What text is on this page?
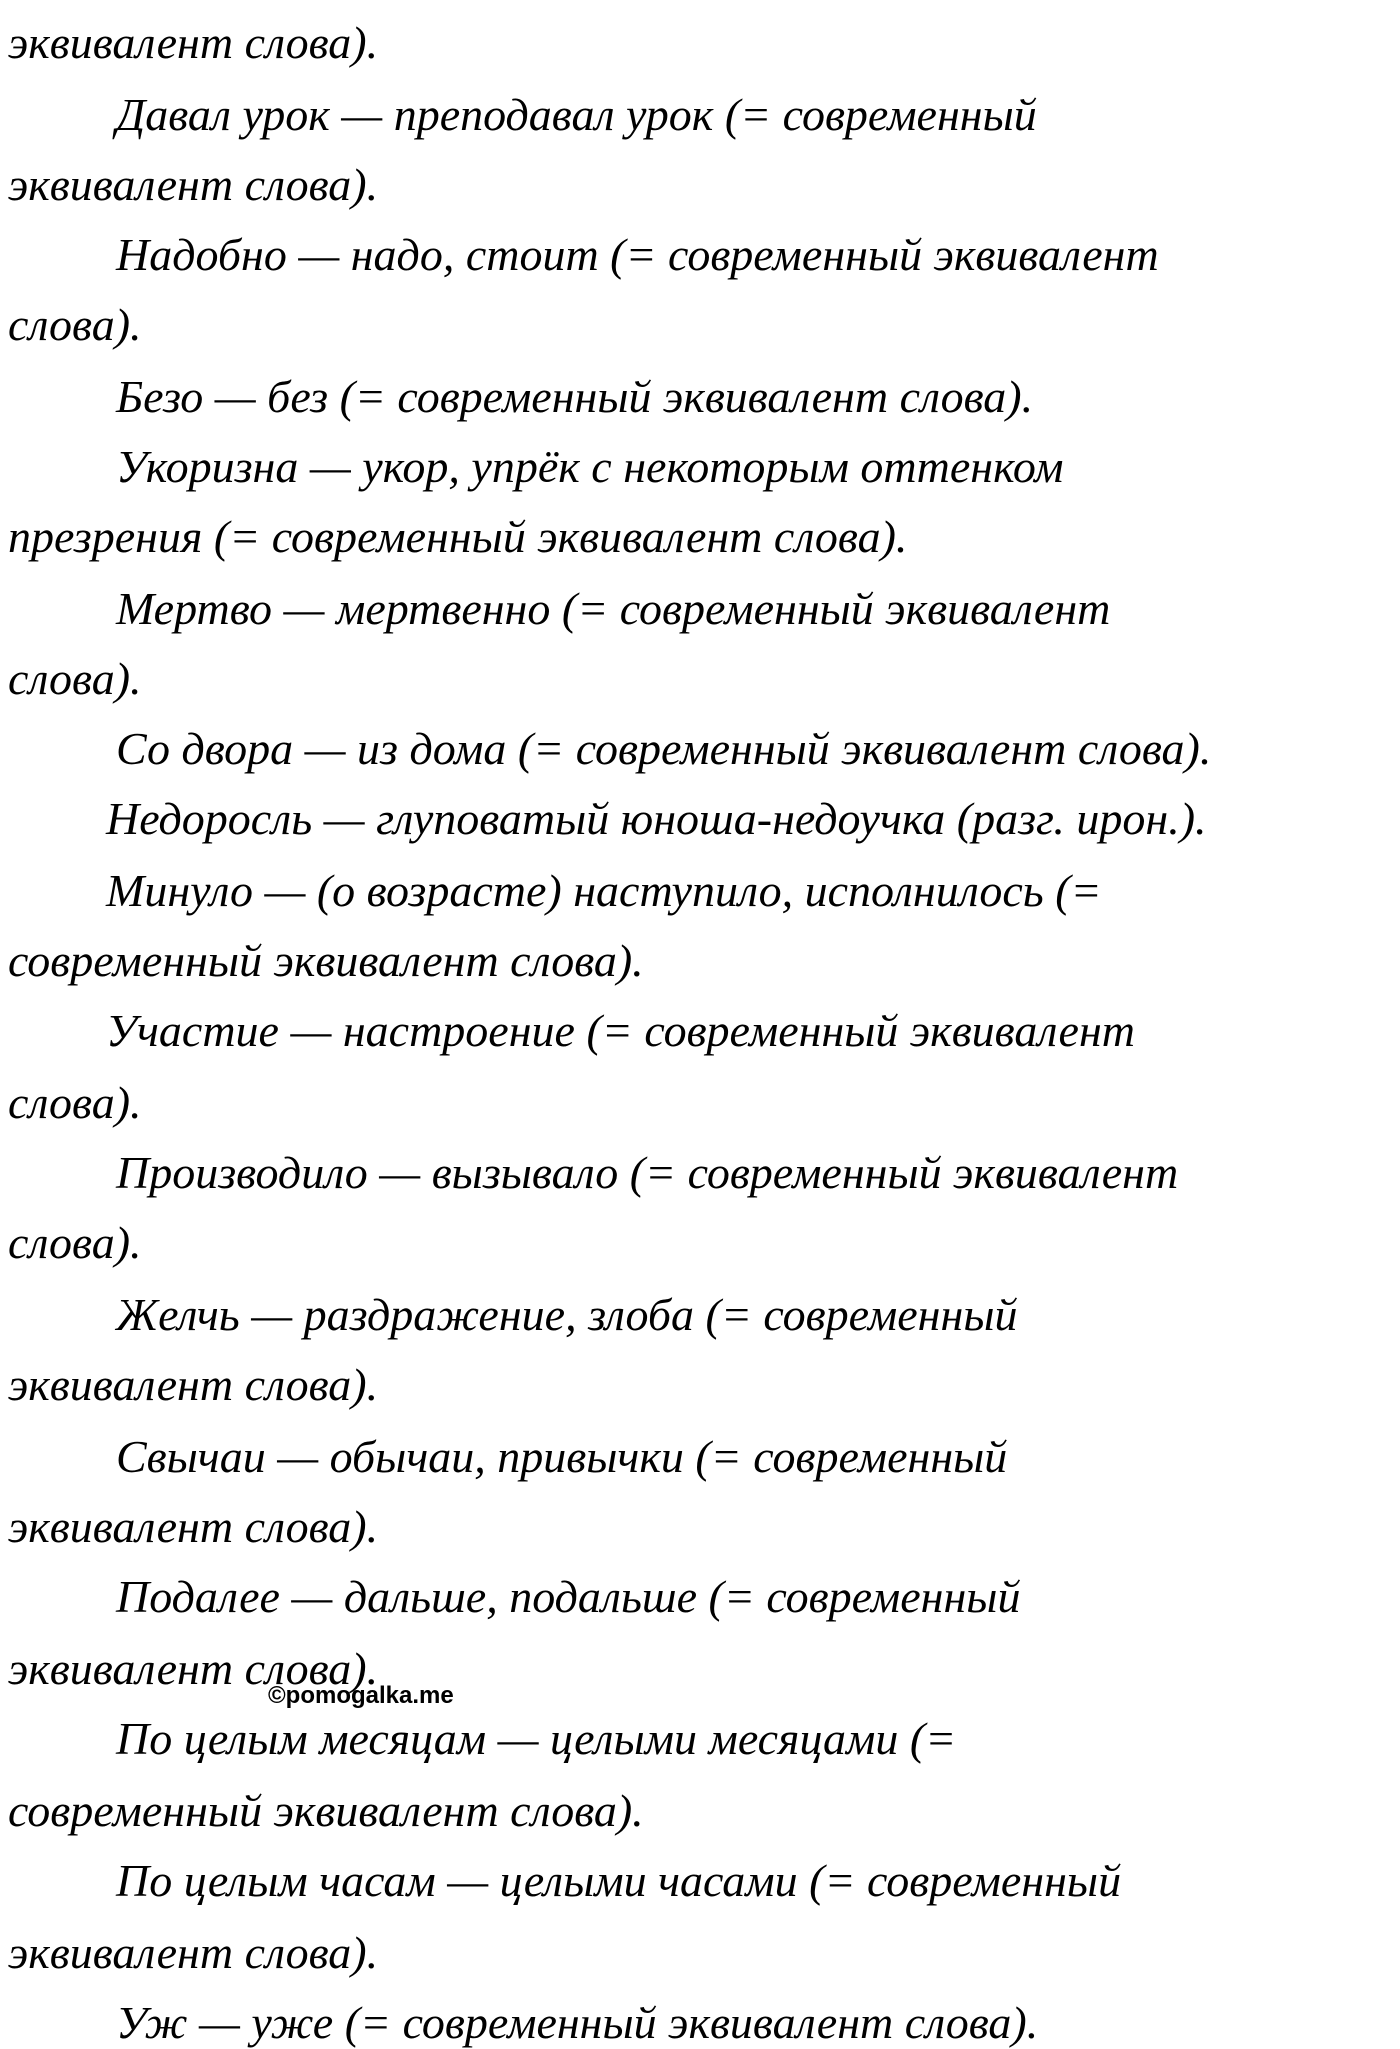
эквивалент слова).

Давал урок — преподавал урок (= современный

эквивалент слова).

Надобно — надо, стоит (= современный эквивалент

слова).

Безо — без (= современный эквивалент слова).

Укоризна — укор, упрёк с некоторым оттенком

презрения (= современный эквивалент слова).

Мертво — мертвенно (= современный эквивалент

слова).

Со двора — из дома (= современный эквивалент слова).

Недоросль — глуповатый юноша-недоучка (разг. ирон.).

Минуло — (о возрасте) наступило, исполнилось (=

современный эквивалент слова).

Участие — настроение (= современный эквивалент

слова).

Производило — вызывало (= современный эквивалент

слова).

Желчь — раздражение, злоба (= современный

эквивалент слова).

Свычаи — обычаи, привычки (= современный

эквивалент слова).

Подалее — дальше, подальше (= современный

эквивалент слова).

По целым месяцам — целыми месяцами (=

современный эквивалент слова).

По целым часам — целыми часами (= современный

эквивалент слова).

Уж — уже (= современный эквивалент слова).

©pomogalka.me
